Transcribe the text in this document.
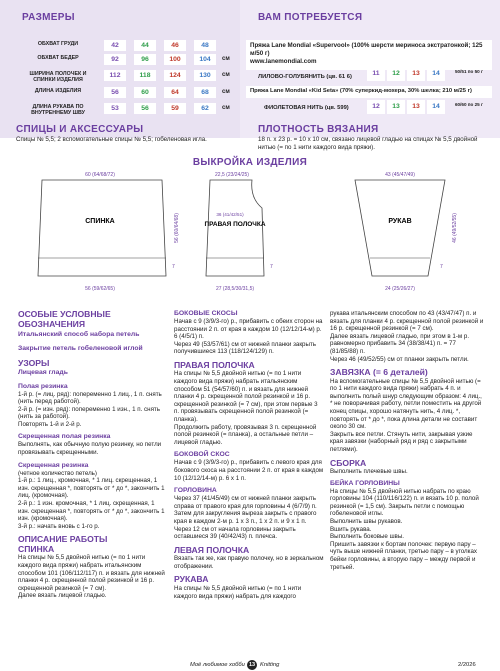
РАЗМЕРЫ
ОБХВАТ ГРУДИ	42	44	46	48
ОБХВАТ БЕДЕР	92	96	100	104	см
ШИРИНА ПОЛОЧЕК И СПИНКИ ИЗДЕЛИЯ
112	118	124	130	см
ДЛИНА ИЗДЕЛИЯ	56	60	64	68	см
ДЛИНА РУКАВА ПО ВНУТРЕННЕМУ ШВУ
53	56	59	62	см
ВАМ ПОТРЕБУЕТСЯ
Пряжа Lane Mondial «Supervool» (100% шерсти мериноса экстратонкой; 125 м/50 г)
www.lanemondial.com
ЛИЛОВО-ГОЛУБЯНИТЬ (цв. 61 6)	11	12	13	14	50/51 по 50 г
Пряжа Lane Mondial «Kid Seta» (70% суперкид-мохера, 30% шелка; 210 м/25 г)
ФИОЛЕТОВАЯ НИТЬ (цв. 599)	12	13	13	14	60/60 по 25 г
СПИЦЫ И АКСЕССУАРЫ
Спицы № 5,5; 2 вспомогательные спицы № 5,5; гобеленовая игла.
ПЛОТНОСТЬ ВЯЗАНИЯ
18 п. х 23 р. = 10 х 10 см, связано лицевой гладью на спицах № 5,5 двойной нитью (= по 1 нити каждого вида пряжи).
ВЫКРОЙКА ИЗДЕЛИЯ
СПИНКА
60 (64/68/72)
56 (59/62/65)
56 (60/64/68)
7
ПРАВАЯ ПОЛОЧКА
22,5 (23/24/25)
36 (41/42/51)
27 (28,5/30/31,5)
7
РУКАВ
43 (45/47/49)
24 (25/26/27)
46 (49/52/55)
7
ОСОБЫЕ УСЛОВНЫЕ ОБОЗНАЧЕНИЯ
Итальянский способ набора петель
Закрытие петель гобеленовой иглой
УЗОРЫ
Лицевая гладь
Полая резинка
1-й р. (= лиц. ряд): попеременно 1 лиц., 1 п. снять (нить перед работой).
2-й р. (= изн. ряд): попеременно 1 изн., 1 п. снять (нить за работой).
Повторять 1-й и 2-й р.
Скрещенная полая резинка
Выполнять, как обычную полую резинку, но петли провязывать скрещенными.
Скрещенная резинка
(четное количество петель)
1-й р.: 1 лиц., кромочная, * 1 лиц. скрещенная, 1 изн. скрещенная *, повторять от * до *, закончить 1 лиц. (кромочная).
2-й р.: 1 изн. кромочная, * 1 лиц. скрещенная, 1 изн. скрещенная *, повторять от * до *, закончить 1 изн. (кромочная).
3-й р.: начать вновь с 1-го р.
ОПИСАНИЕ РАБОТЫ
СПИНКА
На спицы № 5,5 двойной нитью (= по 1 нити каждого вида пряжи) набрать итальянским способом 101 (106/112/117) п. и вязать для нижней планки 4 р. скрещенной полой резинкой и 16 р. скрещенной резинкой (= 7 см).
Далее вязать лицевой гладью.
БОКОВЫЕ СКОСЫ
Начав с 9 (3/9/3-го) р., прибавить с обеих сторон на расстоянии 2 п. от края в каждом 10 (12/12/14-м) р. 6 (4/5/1) п.
Через 49 (53/57/61) см от нижней планки закрыть получившиеся 113 (118/124/129) п.
ПРАВАЯ ПОЛОЧКА
На спицы № 5,5 двойной нитью (= по 1 нити каждого вида пряжи) набрать итальянским способом 51 (54/57/60) п. и вязать для нижней планки 4 р. скрещенной полой резинкой и 16 р. скрещенной резинкой (= 7 см), при этом первые 3 п. провязывать скрещенной полой резинкой (= планка).
Продолжить работу, провязывая 3 п. скрещенной полой резинкой (= планка), а остальные петли – лицевой гладью.
БОКОВОЙ СКОС
Начав с 9 (3/9/3-го) р., прибавить с левого края для бокового скоса на расстоянии 2 п. от края в каждом 10 (12/12/14-м) р. 6 х 1 п.
ГОРЛОВИНА
Через 37 (41/45/49) см от нижней планки закрыть справа от правого края для горловины 4 (6/7/9) п. Затем для закругления выреза закрыть с правого края в каждом 2-м р. 1 х 3 п., 1 х 2 п. и 9 х 1 п. Через 12 см от начала горловины закрыть оставшиеся 39 (40/42/43) п. плечса.
ЛЕВАЯ ПОЛОЧКА
Вязать так же, как правую полочку, но в зеркальном отображении.
РУКАВА
На спицы № 5,5 двойной нитью (= по 1 нити каждого вида пряжи) набрать для каждого
рукава итальянским способом по 43 (43/47/47) п. и вязать для планки 4 р. скрещенной полой резинкой и 16 р. скрещенной резинкой (= 7 см).
Далее вязать лицевой гладью, при этом в 1-м р. равномерно прибавить 34 (38/38/41) п. = 77 (81/85/88) п.
Через 46 (49/52/55) см от планки закрыть петли.
ЗАВЯЗКА (= 6 деталей)
На вспомогательные спицы № 5,5 двойной нитью (= по 1 нити каждого вида пряжи) набрать 4 п. и выполнить полый шнур следующим образом: 4 лиц., * не поворачивая работу, петли поместить на другой конец спицы, хорошо натянуть нить, 4 лиц. *, повторять от * до *, пока длина детали не составит около 30 см.
Закрыть все петли. Стянуть нити, закрывая узкие края завязки (наборный ряд и ряд с закрытыми петлями).
СБОРКА
Выполнить плечевые швы.
БЕЙКА ГОРЛОВИНЫ
На спицы № 5,5 двойной нитью набрать по краю горловины 104 (110/116/122) п. и вязать 10 р. полой резинкой (= 1,5 см). Закрыть петли с помощью гобеленовой иглы.
Выполнить швы рукавов.
Вшить рукава.
Выполнить боковые швы.
Пришить завязки к бортам полочек: первую пару – чуть выше нижней планки, третью пару – в уголках бейки горловины, а вторую пару – между первой и третьей.
Моё любимое хобби 13 Knitting	2/2026
